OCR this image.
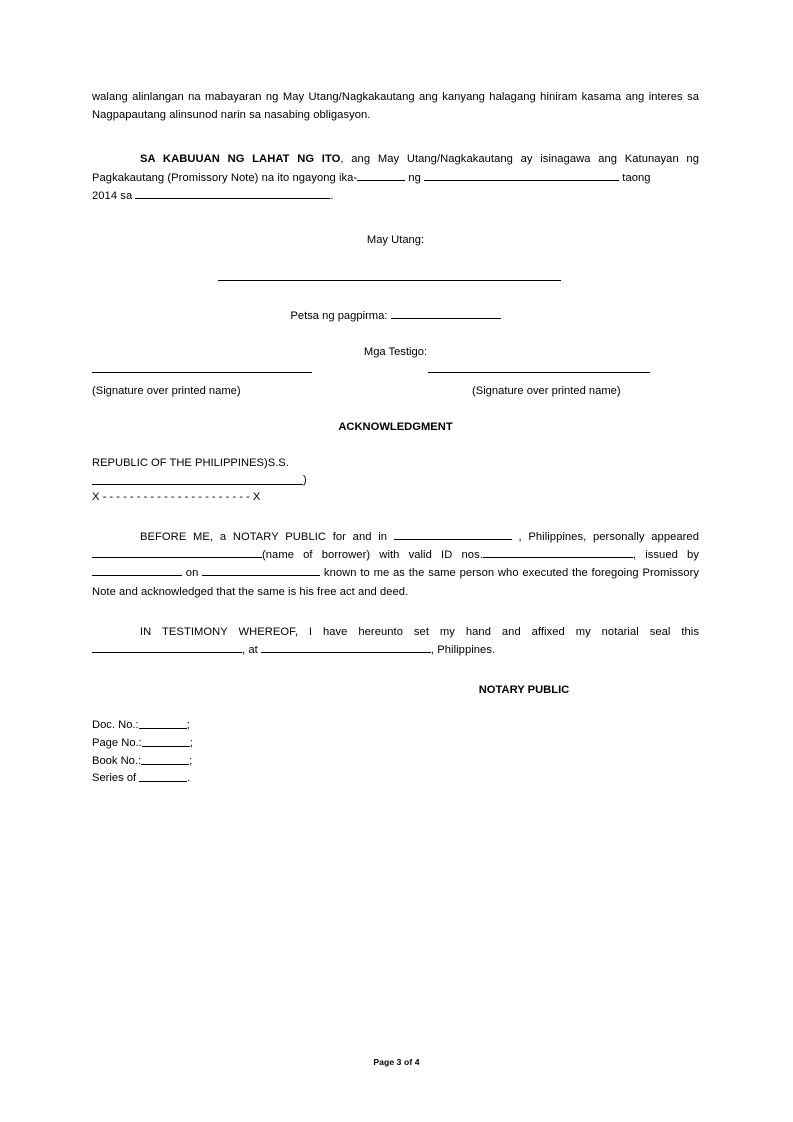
walang alinlangan na mabayaran ng May Utang/Nagkakautang ang kanyang halagang hiniram kasama ang interes sa Nagpapautang alinsunod narin sa nasabing obligasyon.

SA KABUUAN NG LAHAT NG ITO, ang May Utang/Nagkakautang ay isinagawa ang Katunayan ng Pagkakautang (Promissory Note) na ito ngayong ika-	ng	taong
2014 sa	.

May Utang:

Petsa ng pagpirma:

Mga Testigo:

(Signature over printed name)	(Signature over printed name)

ACKNOWLEDGMENT

REPUBLIC OF THE PHILIPPINES)S.S.
)
X - - - - - - - - - - - - - - - - - - - - - - X

BEFORE ME, a NOTARY PUBLIC for and in	, Philippines, personally appeared (name of borrower) with valid ID nos.	, issued by  on	known to me as the same person who executed the foregoing Promissory Note and acknowledged that the same is his free act and deed.

IN TESTIMONY WHEREOF, I have hereunto set my hand and affixed my notarial seal this , at	, Philippines.

NOTARY PUBLIC

Doc. No.:	;
Page No.:	;
Book No.:	;
Series of	.
Page 3 of 4
